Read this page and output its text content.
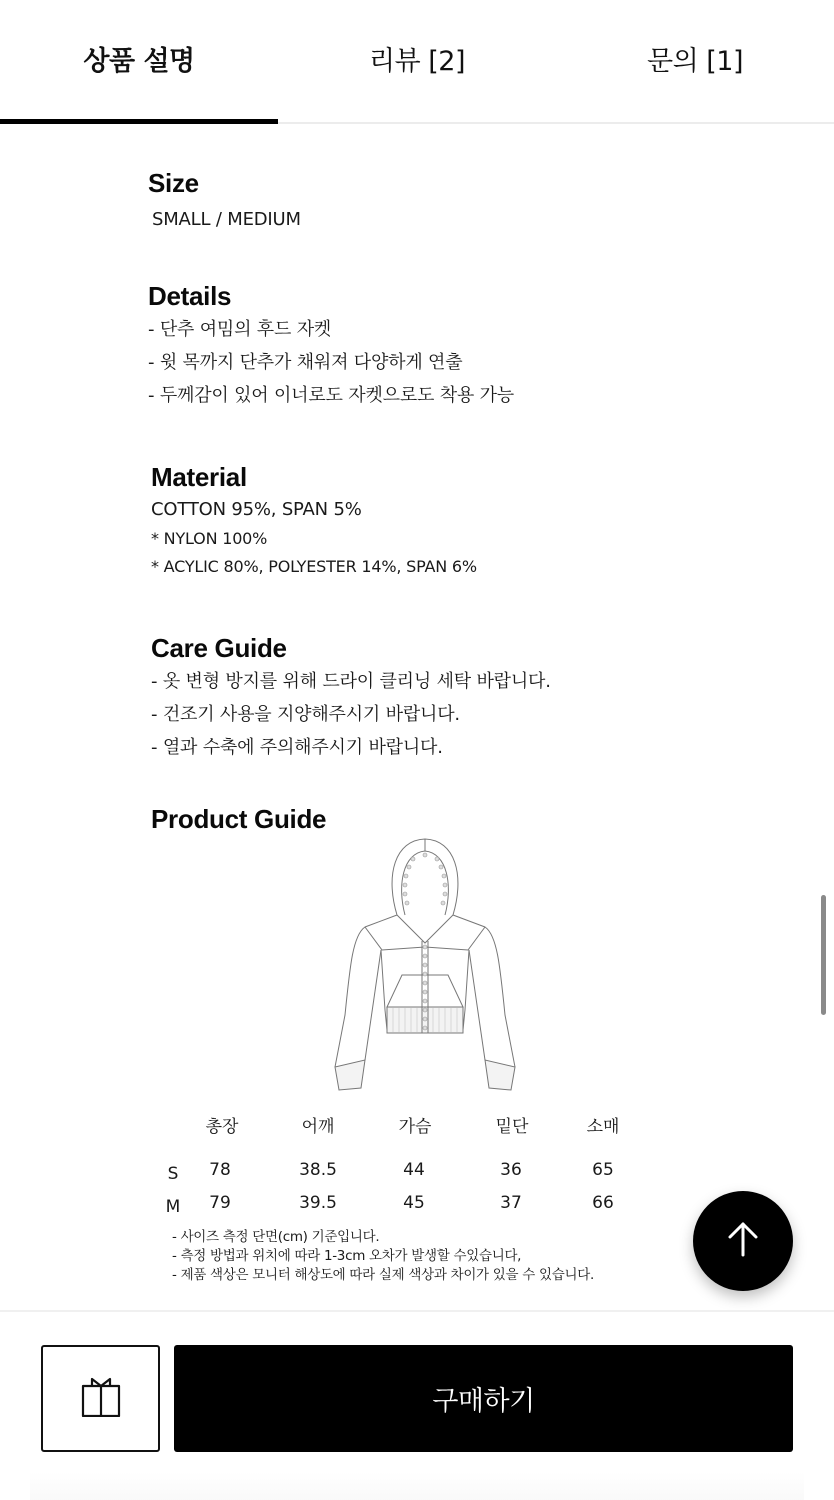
상품 설명	리뷰 [2]	문의 [1]
Size
SMALL / MEDIUM
Details
- 단추 여밈의 후드 자켓
- 윗 목까지 단추가 채워져 다양하게 연출
- 두께감이 있어 이너로도 자켓으로도 착용 가능
Material
COTTON 95%, SPAN 5%
* NYLON 100%
* ACYLIC 80%, POLYESTER 14%, SPAN 6%
Care Guide
- 옷 변형 방지를 위해 드라이 클리닝 세탁 바랍니다.
- 건조기 사용을 지양해주시기 바랍니다.
- 열과 수축에 주의해주시기 바랍니다.
Product Guide
총장	어깨	가슴	밑단	소매
S 78	38.5	44	36	65
M 79	39.5	45	37	66
- 사이즈 측정 단면(cm) 기준입니다.
- 측정 방법과 위치에 따라 1-3cm 오차가 발생할 수있습니다,
- 제품 색상은 모니터 해상도에 따라 실제 색상과 차이가 있을 수 있습니다.
구매하기
